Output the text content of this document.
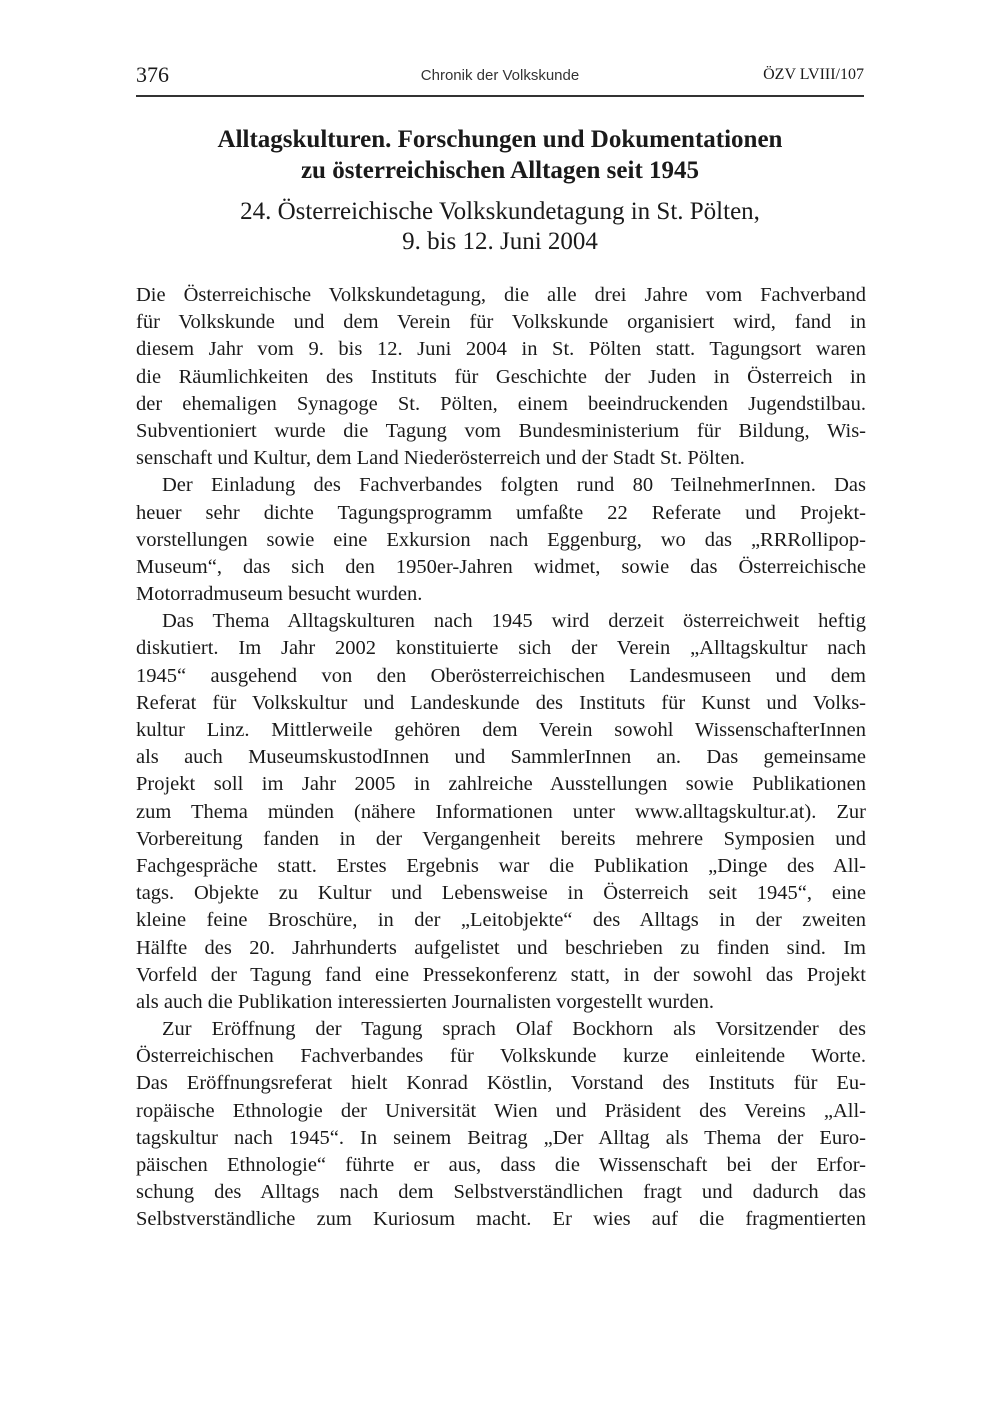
Chronik der Volkskunde
376	ÖZV LVIII/107
Alltagskulturen. Forschungen und Dokumentationen
zu österreichischen Alltagen seit 1945
24. Österreichische Volkskundetagung in St. Pölten,
9. bis 12. Juni 2004
Die Österreichische Volkskundetagung, die alle drei Jahre vom Fachverband
für Volkskunde und dem Verein für Volkskunde organisiert wird, fand in
diesem Jahr vom 9. bis 12. Juni 2004 in St. Pölten statt. Tagungsort waren
die Räumlichkeiten des Instituts für Geschichte der Juden in Österreich in
der ehemaligen Synagoge St. Pölten, einem beeindruckenden Jugendstilbau.
Subventioniert wurde die Tagung vom Bundesministerium für Bildung, Wis-
senschaft und Kultur, dem Land Niederösterreich und der Stadt St. Pölten.
Der Einladung des Fachverbandes folgten rund 80 TeilnehmerInnen. Das
heuer sehr dichte Tagungsprogramm umfaßte 22 Referate und Projekt-
vorstellungen sowie eine Exkursion nach Eggenburg, wo das „RRRollipop-
Museum“, das sich den 1950er-Jahren widmet, sowie das Österreichische
Motorradmuseum besucht wurden.
Das Thema Alltagskulturen nach 1945 wird derzeit österreichweit heftig
diskutiert. Im Jahr 2002 konstituierte sich der Verein „Alltagskultur nach
1945“ ausgehend von den Oberösterreichischen Landesmuseen und dem
Referat für Volkskultur und Landeskunde des Instituts für Kunst und Volks-
kultur Linz. Mittlerweile gehören dem Verein sowohl WissenschafterInnen
als auch MuseumskustodInnen und SammlerInnen an. Das gemeinsame
Projekt soll im Jahr 2005 in zahlreiche Ausstellungen sowie Publikationen
zum Thema münden (nähere Informationen unter www.alltagskultur.at). Zur
Vorbereitung fanden in der Vergangenheit bereits mehrere Symposien und
Fachgespräche statt. Erstes Ergebnis war die Publikation „Dinge des All-
tags. Objekte zu Kultur und Lebensweise in Österreich seit 1945“, eine
kleine feine Broschüre, in der „Leitobjekte“ des Alltags in der zweiten
Hälfte des 20. Jahrhunderts aufgelistet und beschrieben zu finden sind. Im
Vorfeld der Tagung fand eine Pressekonferenz statt, in der sowohl das Projekt
als auch die Publikation interessierten Journalisten vorgestellt wurden.
Zur Eröffnung der Tagung sprach Olaf Bockhorn als Vorsitzender des
Österreichischen Fachverbandes für Volkskunde kurze einleitende Worte.
Das Eröffnungsreferat hielt Konrad Köstlin, Vorstand des Instituts für Eu-
ropäische Ethnologie der Universität Wien und Präsident des Vereins „All-
tagskultur nach 1945“. In seinem Beitrag „Der Alltag als Thema der Euro-
päischen Ethnologie“ führte er aus, dass die Wissenschaft bei der Erfor-
schung des Alltags nach dem Selbstverständlichen fragt und dadurch das
Selbstverständliche zum Kuriosum macht. Er wies auf die fragmentierten
